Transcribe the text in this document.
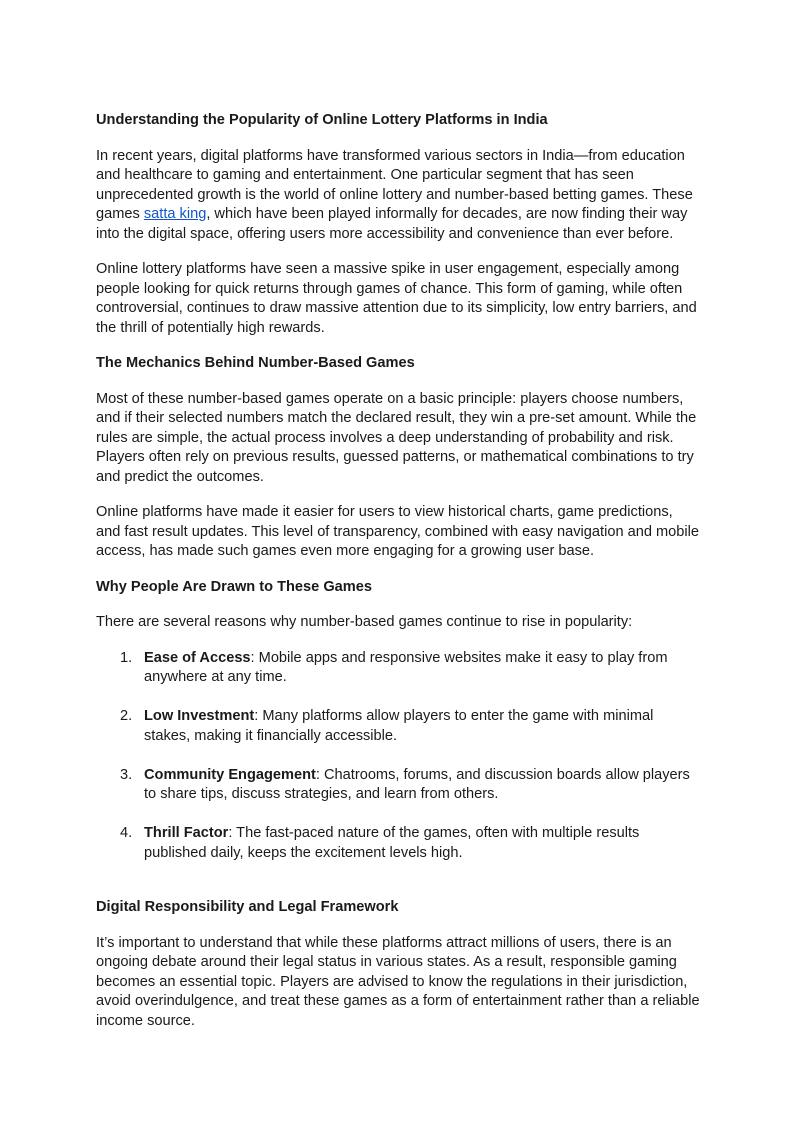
Understanding the Popularity of Online Lottery Platforms in India

In recent years, digital platforms have transformed various sectors in India—from education and healthcare to gaming and entertainment. One particular segment that has seen unprecedented growth is the world of online lottery and number-based betting games. These games satta king, which have been played informally for decades, are now finding their way into the digital space, offering users more accessibility and convenience than ever before.

Online lottery platforms have seen a massive spike in user engagement, especially among people looking for quick returns through games of chance. This form of gaming, while often controversial, continues to draw massive attention due to its simplicity, low entry barriers, and the thrill of potentially high rewards.

The Mechanics Behind Number-Based Games

Most of these number-based games operate on a basic principle: players choose numbers, and if their selected numbers match the declared result, they win a pre-set amount. While the rules are simple, the actual process involves a deep understanding of probability and risk. Players often rely on previous results, guessed patterns, or mathematical combinations to try and predict the outcomes.

Online platforms have made it easier for users to view historical charts, game predictions, and fast result updates. This level of transparency, combined with easy navigation and mobile access, has made such games even more engaging for a growing user base.

Why People Are Drawn to These Games

There are several reasons why number-based games continue to rise in popularity:

1. Ease of Access: Mobile apps and responsive websites make it easy to play from anywhere at any time.
2. Low Investment: Many platforms allow players to enter the game with minimal stakes, making it financially accessible.
3. Community Engagement: Chatrooms, forums, and discussion boards allow players to share tips, discuss strategies, and learn from others.
4. Thrill Factor: The fast-paced nature of the games, often with multiple results published daily, keeps the excitement levels high.
Digital Responsibility and Legal Framework

It’s important to understand that while these platforms attract millions of users, there is an ongoing debate around their legal status in various states. As a result, responsible gaming becomes an essential topic. Players are advised to know the regulations in their jurisdiction, avoid overindulgence, and treat these games as a form of entertainment rather than a reliable income source.
